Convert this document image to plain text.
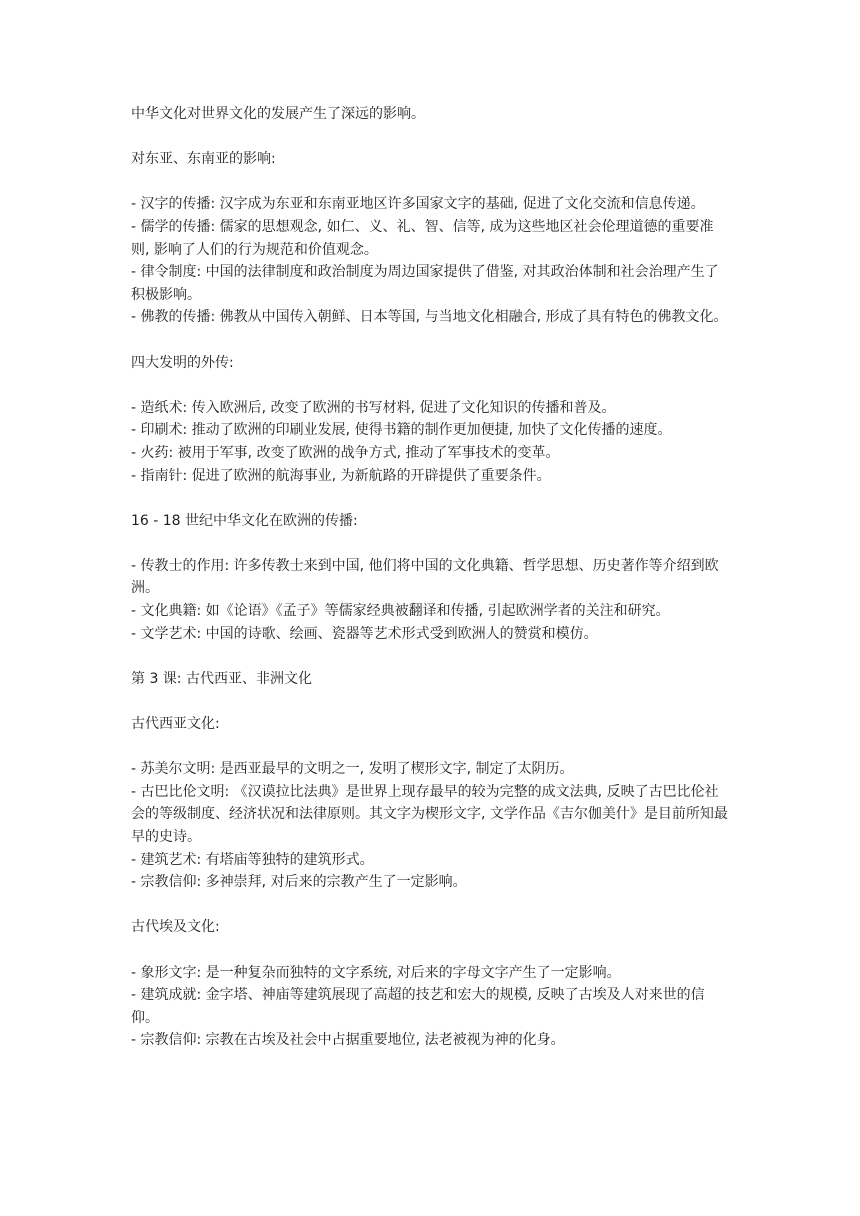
中华文化对世界文化的发展产生了深远的影响。

对东亚、东南亚的影响:

- 汉字的传播: 汉字成为东亚和东南亚地区许多国家文字的基础, 促进了文化交流和信息传递。

- 儒学的传播: 儒家的思想观念, 如仁、义、礼、智、信等, 成为这些地区社会伦理道德的重要准则, 影响了人们的行为规范和价值观念。

- 律令制度: 中国的法律制度和政治制度为周边国家提供了借鉴, 对其政治体制和社会治理产生了积极影响。

- 佛教的传播: 佛教从中国传入朝鲜、日本等国, 与当地文化相融合, 形成了具有特色的佛教文化。

四大发明的外传:

- 造纸术: 传入欧洲后, 改变了欧洲的书写材料, 促进了文化知识的传播和普及。

- 印刷术: 推动了欧洲的印刷业发展, 使得书籍的制作更加便捷, 加快了文化传播的速度。

- 火药: 被用于军事, 改变了欧洲的战争方式, 推动了军事技术的变革。

- 指南针: 促进了欧洲的航海事业, 为新航路的开辟提供了重要条件。

16 - 18 世纪中华文化在欧洲的传播:

- 传教士的作用: 许多传教士来到中国, 他们将中国的文化典籍、哲学思想、历史著作等介绍到欧洲。

- 文化典籍: 如《论语》《孟子》等儒家经典被翻译和传播, 引起欧洲学者的关注和研究。

- 文学艺术: 中国的诗歌、绘画、瓷器等艺术形式受到欧洲人的赞赏和模仿。

第 3 课: 古代西亚、非洲文化

古代西亚文化:

- 苏美尔文明: 是西亚最早的文明之一, 发明了楔形文字, 制定了太阴历。

- 古巴比伦文明: 《汉谟拉比法典》是世界上现存最早的较为完整的成文法典, 反映了古巴比伦社会的等级制度、经济状况和法律原则。其文字为楔形文字, 文学作品《吉尔伽美什》是目前所知最早的史诗。

- 建筑艺术: 有塔庙等独特的建筑形式。

- 宗教信仰: 多神崇拜, 对后来的宗教产生了一定影响。

古代埃及文化:

- 象形文字: 是一种复杂而独特的文字系统, 对后来的字母文字产生了一定影响。

- 建筑成就: 金字塔、神庙等建筑展现了高超的技艺和宏大的规模, 反映了古埃及人对来世的信仰。

- 宗教信仰: 宗教在古埃及社会中占据重要地位, 法老被视为神的化身。
